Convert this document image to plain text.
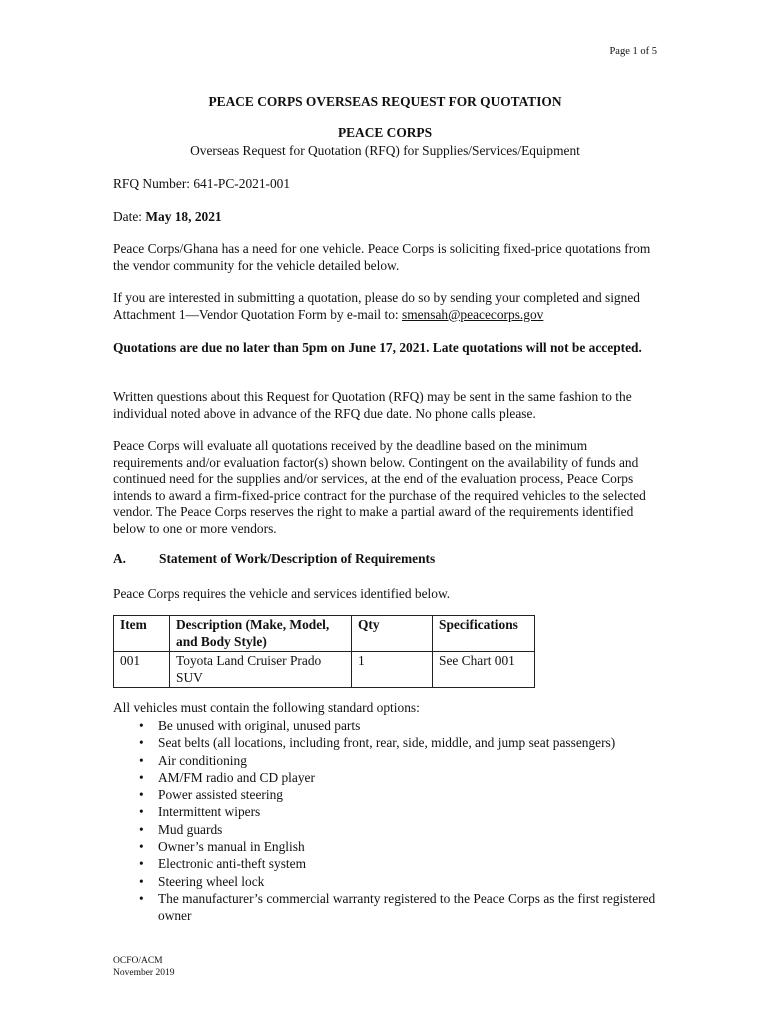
Page 1 of 5
PEACE CORPS OVERSEAS REQUEST FOR QUOTATION
PEACE CORPS
Overseas Request for Quotation (RFQ) for Supplies/Services/Equipment

RFQ Number: 641-PC-2021-001

Date: May 18, 2021

Peace Corps/Ghana has a need for one vehicle. Peace Corps is soliciting fixed-price quotations from the vendor community for the vehicle detailed below.

If you are interested in submitting a quotation, please do so by sending your completed and signed Attachment 1—Vendor Quotation Form by e-mail to: smensah@peacecorps.gov

Quotations are due no later than 5pm on June 17, 2021. Late quotations will not be accepted.

Written questions about this Request for Quotation (RFQ) may be sent in the same fashion to the individual noted above in advance of the RFQ due date. No phone calls please.

Peace Corps will evaluate all quotations received by the deadline based on the minimum requirements and/or evaluation factor(s) shown below. Contingent on the availability of funds and continued need for the supplies and/or services, at the end of the evaluation process, Peace Corps intends to award a firm-fixed-price contract for the purchase of the required vehicles to the selected vendor. The Peace Corps reserves the right to make a partial award of the requirements identified below to one or more vendors.

A. Statement of Work/Description of Requirements

Peace Corps requires the vehicle and services identified below.

Item	Description (Make, Model, and Body Style)	Qty	Specifications
001	Toyota Land Cruiser Prado SUV	1	See Chart 001

All vehicles must contain the following standard options:

• Be unused with original, unused parts
• Seat belts (all locations, including front, rear, side, middle, and jump seat passengers)
• Air conditioning
• AM/FM radio and CD player
• Power assisted steering
• Intermittent wipers
• Mud guards
• Owner’s manual in English
• Electronic anti-theft system
• Steering wheel lock
• The manufacturer’s commercial warranty registered to the Peace Corps as the first registered owner
OCFO/ACM
November 2019
